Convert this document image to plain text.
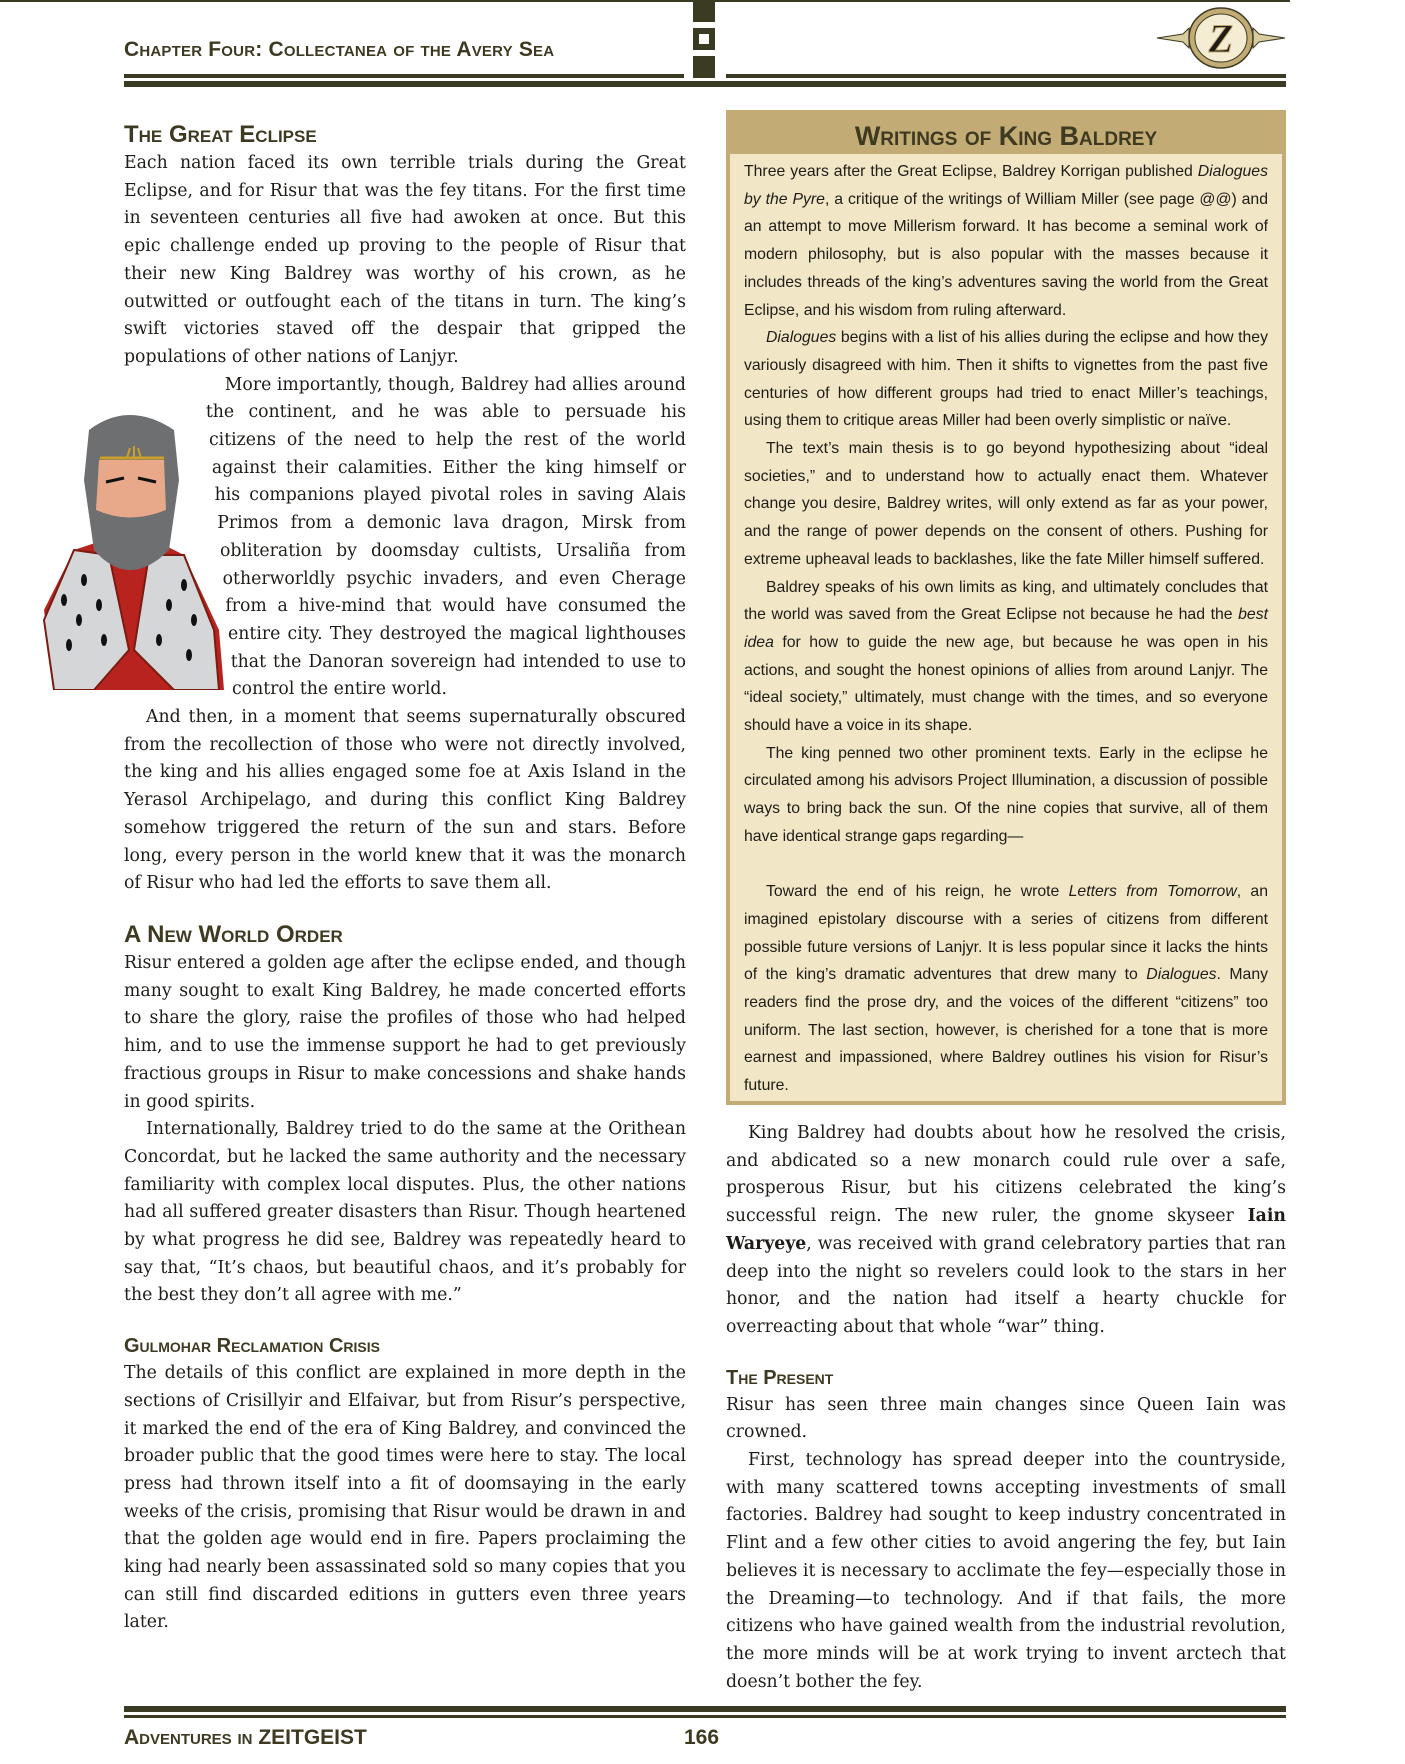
Chapter Four: Collectanea of the Avery Sea	Z
The Great Eclipse

Each nation faced its own terrible trials during the Great Eclipse, and for Risur that was the fey titans. For the first time in seventeen centuries all five had awoken at once. But this epic challenge ended up proving to the people of Risur that their new King Baldrey was worthy of his crown, as he outwitted or outfought each of the titans in turn. The king’s swift victories staved off the despair that gripped the populations of other nations of Lanjyr.

More importantly, though, Baldrey had allies around the continent, and he was able to persuade his citizens of the need to help the rest of the world against their calamities. Either the king himself or his companions played pivotal roles in saving Alais Primos from a demonic lava dragon, Mirsk from obliteration by doomsday cultists, Ursaliña from otherworldly psychic invaders, and even Cherage from a hive-mind that would have consumed the entire city. They destroyed the magical lighthouses that the Danoran sovereign had intended to use to control the entire world.

And then, in a moment that seems supernaturally obscured from the recollection of those who were not directly involved, the king and his allies engaged some foe at Axis Island in the Yerasol Archipelago, and during this conflict King Baldrey somehow triggered the return of the sun and stars. Before long, every person in the world knew that it was the monarch of Risur who had led the efforts to save them all.

A New World Order

Risur entered a golden age after the eclipse ended, and though many sought to exalt King Baldrey, he made concerted efforts to share the glory, raise the profiles of those who had helped him, and to use the immense support he had to get previously fractious groups in Risur to make concessions and shake hands in good spirits.

Internationally, Baldrey tried to do the same at the Orithean Concordat, but he lacked the same authority and the necessary familiarity with complex local disputes. Plus, the other nations had all suffered greater disasters than Risur. Though heartened by what progress he did see, Baldrey was repeatedly heard to say that, “It’s chaos, but beautiful chaos, and it’s probably for the best they don’t all agree with me.”

Gulmohar Reclamation Crisis

The details of this conflict are explained in more depth in the sections of Crisillyir and Elfaivar, but from Risur’s perspective, it marked the end of the era of King Baldrey, and convinced the broader public that the good times were here to stay. The local press had thrown itself into a fit of doomsaying in the early weeks of the crisis, promising that Risur would be drawn in and that the golden age would end in fire. Papers proclaiming the king had nearly been assassinated sold so many copies that you can still find discarded editions in gutters even three years later.

Writings of King Baldrey

Three years after the Great Eclipse, Baldrey Korrigan published Dialogues by the Pyre, a critique of the writings of William Miller (see page @@) and an attempt to move Millerism forward. It has become a seminal work of modern philosophy, but is also popular with the masses because it includes threads of the king’s adventures saving the world from the Great Eclipse, and his wisdom from ruling afterward.

Dialogues begins with a list of his allies during the eclipse and how they variously disagreed with him. Then it shifts to vignettes from the past five centuries of how different groups had tried to enact Miller’s teachings, using them to critique areas Miller had been overly simplistic or naïve.

The text’s main thesis is to go beyond hypothesizing about “ideal societies,” and to understand how to actually enact them. Whatever change you desire, Baldrey writes, will only extend as far as your power, and the range of power depends on the consent of others. Pushing for extreme upheaval leads to backlashes, like the fate Miller himself suffered.

Baldrey speaks of his own limits as king, and ultimately concludes that the world was saved from the Great Eclipse not because he had the best idea for how to guide the new age, but because he was open in his actions, and sought the honest opinions of allies from around Lanjyr. The “ideal society,” ultimately, must change with the times, and so everyone should have a voice in its shape.

The king penned two other prominent texts. Early in the eclipse he circulated among his advisors Project Illumination, a discussion of possible ways to bring back the sun. Of the nine copies that survive, all of them have identical strange gaps regarding—

Toward the end of his reign, he wrote Letters from Tomorrow, an imagined epistolary discourse with a series of citizens from different possible future versions of Lanjyr. It is less popular since it lacks the hints of the king’s dramatic adventures that drew many to Dialogues. Many readers find the prose dry, and the voices of the different “citizens” too uniform. The last section, however, is cherished for a tone that is more earnest and impassioned, where Baldrey outlines his vision for Risur’s future.

King Baldrey had doubts about how he resolved the crisis, and abdicated so a new monarch could rule over a safe, prosperous Risur, but his citizens celebrated the king’s successful reign. The new ruler, the gnome skyseer Iain Waryeye, was received with grand celebratory parties that ran deep into the night so revelers could look to the stars in her honor, and the nation had itself a hearty chuckle for overreacting about that whole “war” thing.

The Present

Risur has seen three main changes since Queen Iain was crowned.

First, technology has spread deeper into the countryside, with many scattered towns accepting investments of small factories. Baldrey had sought to keep industry concentrated in Flint and a few other cities to avoid angering the fey, but Iain believes it is necessary to acclimate the fey—especially those in the Dreaming—to technology. And if that fails, the more citizens who have gained wealth from the industrial revolution, the more minds will be at work trying to invent arctech that doesn’t bother the fey.

Adventures in ZEITGEIST	166
